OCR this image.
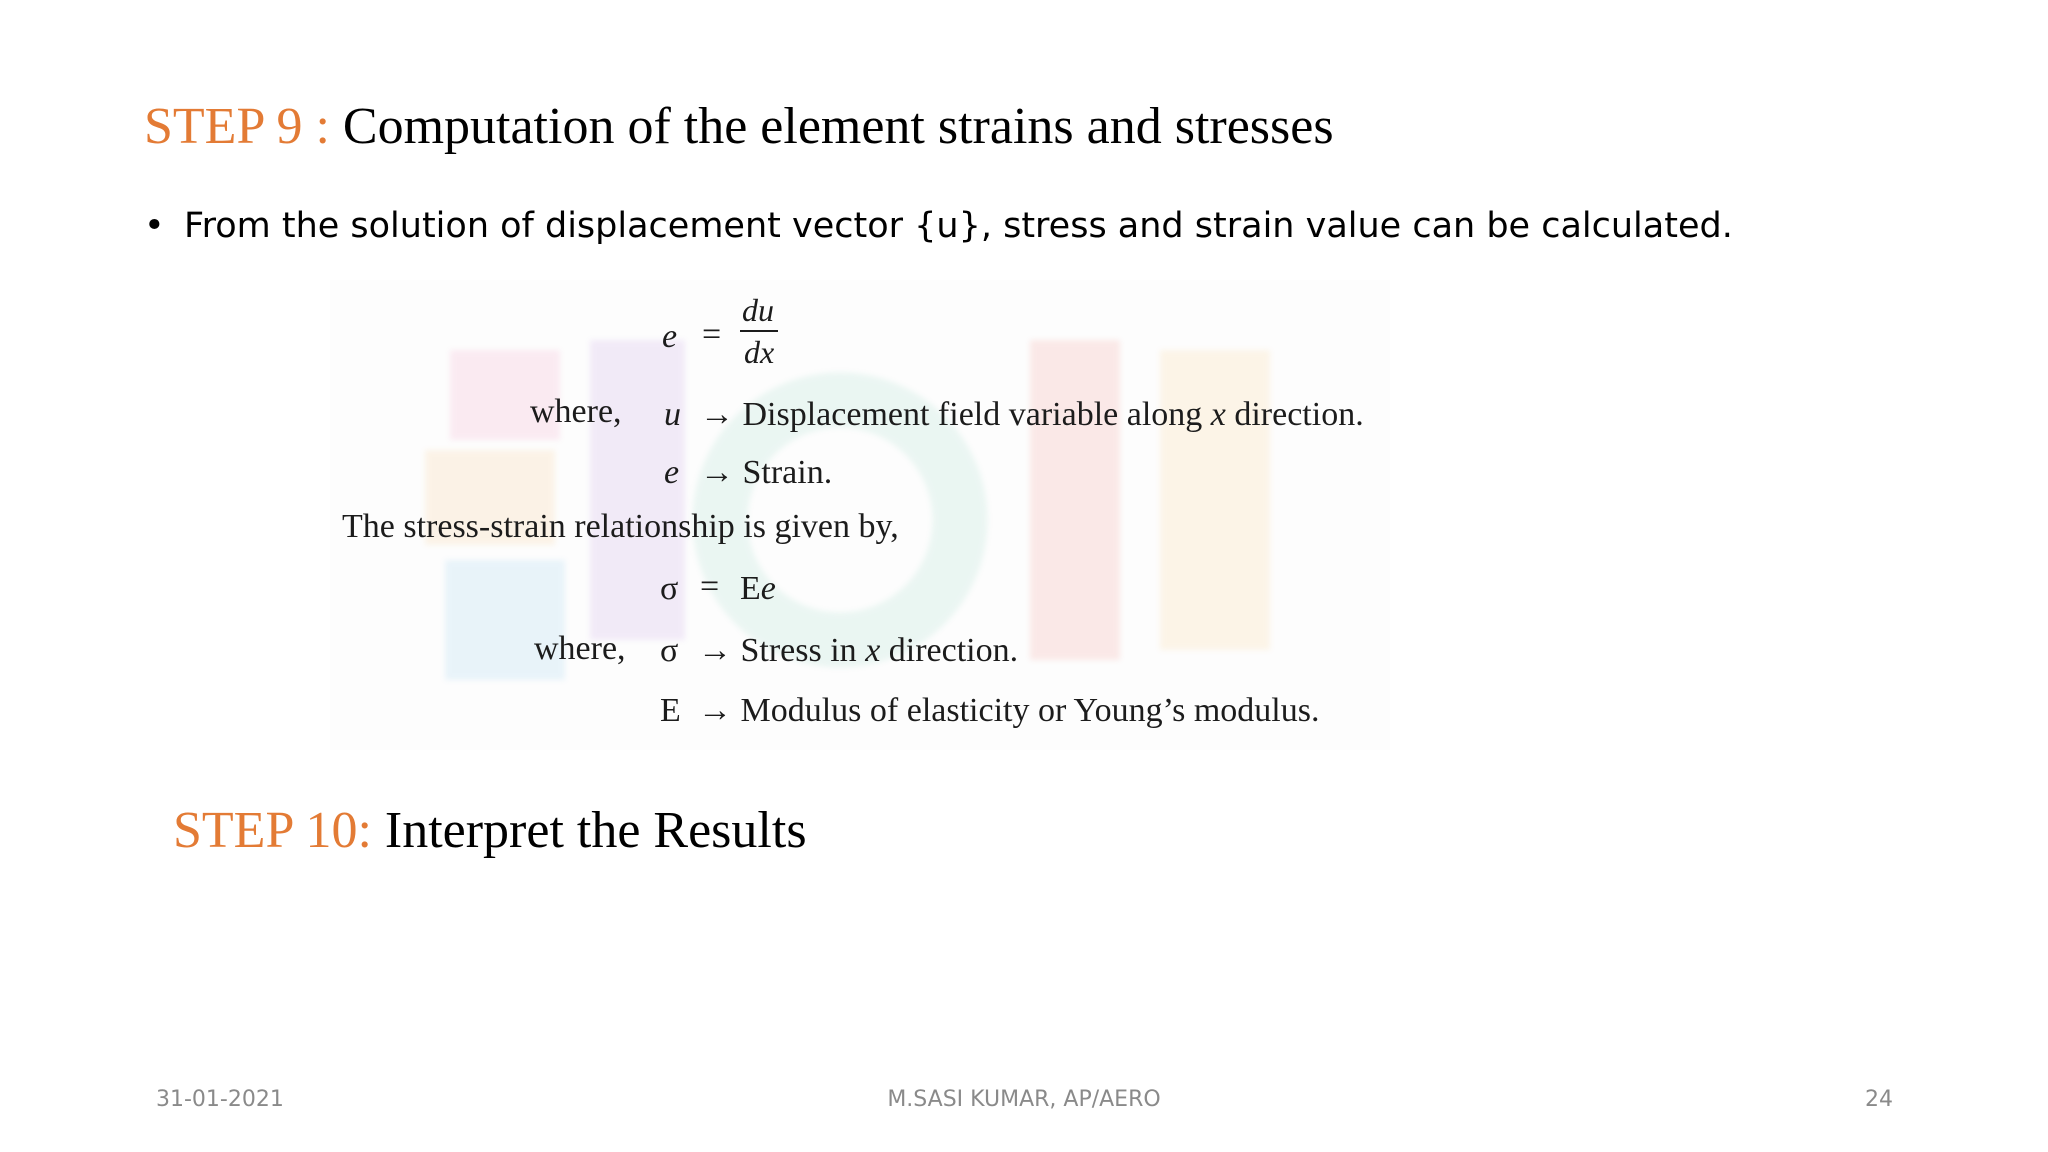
STEP 9 : Computation of the element strains and stresses
• From the solution of displacement vector {u}, stress and strain value can be calculated.
e =
du
dx
where, u → Displacement field variable along x direction.
e → Strain.
The stress-strain relationship is given by,
σ = Ee
where, σ → Stress in x direction.
E → Modulus of elasticity or Young’s modulus.
STEP 10: Interpret the Results
31-01-2021	M.SASI KUMAR, AP/AERO	24
